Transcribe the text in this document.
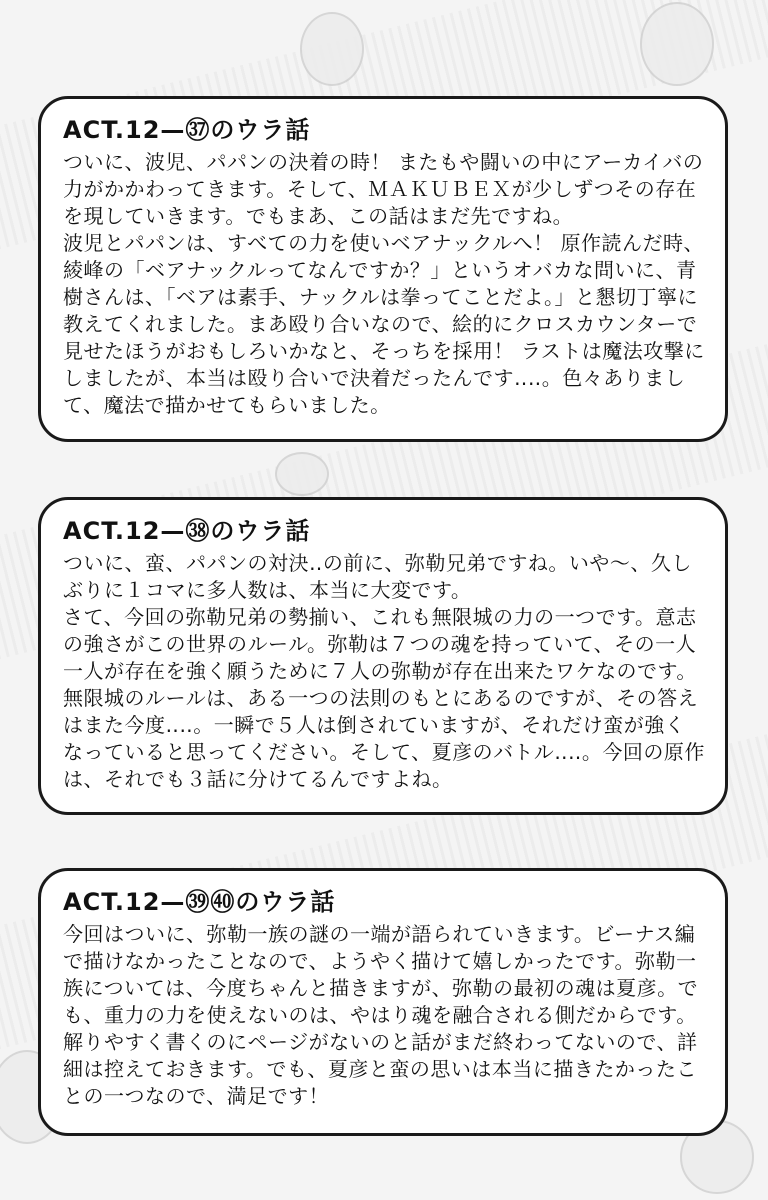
ACT.12—㊲のウラ話

ついに、波児、パパンの決着の時！ またもや闘いの中にアーカイバの力がかかわってきます。そして、ＭＡＫＵＢＥＸが少しずつその存在を現していきます。でもまあ、この話はまだ先ですね。

波児とパパンは、すべての力を使いベアナックルへ！ 原作読んだ時、綾峰の「ベアナックルってなんですか？」というオバカな問いに、青樹さんは、「ベアは素手、ナックルは拳ってことだよ。」と懇切丁寧に教えてくれました。まあ殴り合いなので、絵的にクロスカウンターで見せたほうがおもしろいかなと、そっちを採用！ ラストは魔法攻撃にしましたが、本当は殴り合いで決着だったんです‥‥。色々ありまして、魔法で描かせてもらいました。

ACT.12—㊳のウラ話

ついに、蛮、パパンの対決‥の前に、弥勒兄弟ですね。いや〜、久しぶりに１コマに多人数は、本当に大変です。

さて、今回の弥勒兄弟の勢揃い、これも無限城の力の一つです。意志の強さがこの世界のルール。弥勒は７つの魂を持っていて、その一人一人が存在を強く願うために７人の弥勒が存在出来たワケなのです。無限城のルールは、ある一つの法則のもとにあるのですが、その答えはまた今度‥‥。一瞬で５人は倒されていますが、それだけ蛮が強くなっていると思ってください。そして、夏彦のバトル‥‥。今回の原作は、それでも３話に分けてるんですよね。

ACT.12—㊴㊵のウラ話

今回はついに、弥勒一族の謎の一端が語られていきます。ビーナス編で描けなかったことなので、ようやく描けて嬉しかったです。弥勒一族については、今度ちゃんと描きますが、弥勒の最初の魂は夏彦。でも、重力の力を使えないのは、やはり魂を融合される側だからです。解りやすく書くのにページがないのと話がまだ終わってないので、詳細は控えておきます。でも、夏彦と蛮の思いは本当に描きたかったことの一つなので、満足です！
